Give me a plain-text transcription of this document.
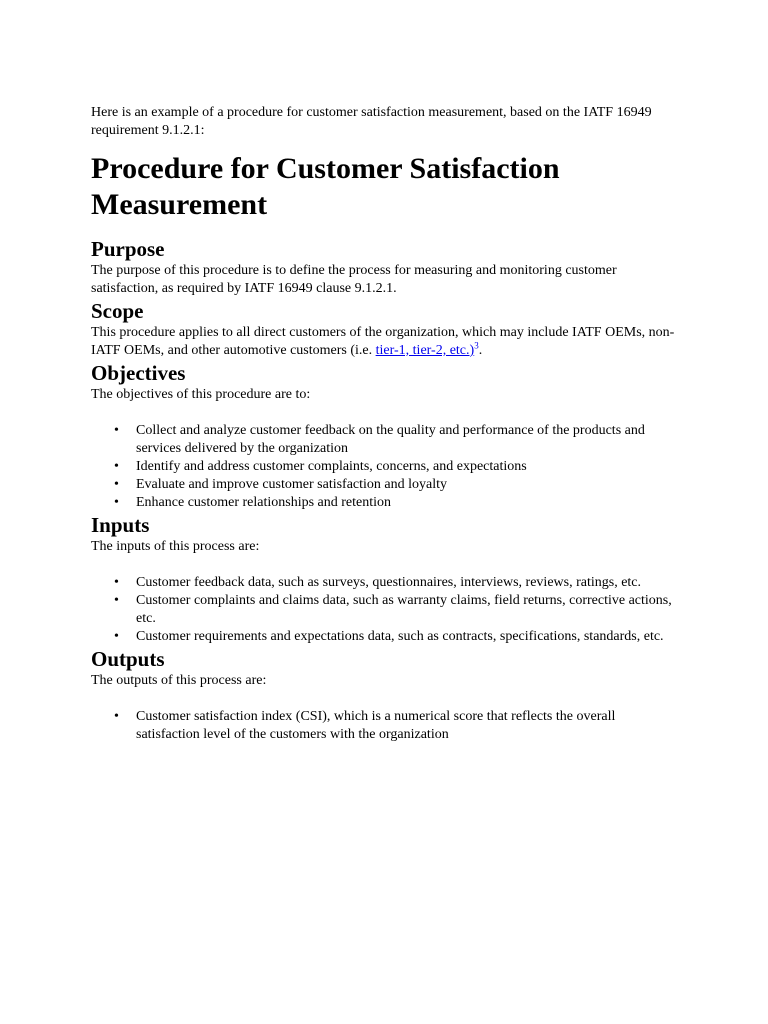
Here is an example of a procedure for customer satisfaction measurement, based on the IATF 16949 requirement 9.1.2.1:

Procedure for Customer Satisfaction Measurement
Purpose

The purpose of this procedure is to define the process for measuring and monitoring customer satisfaction, as required by IATF 16949 clause 9.1.2.1.

Scope

This procedure applies to all direct customers of the organization, which may include IATF OEMs, non-IATF OEMs, and other automotive customers (i.e. tier-1, tier-2, etc.)$^3$.

Objectives

The objectives of this procedure are to:

• Collect and analyze customer feedback on the quality and performance of the products and services delivered by the organization
• Identify and address customer complaints, concerns, and expectations
• Evaluate and improve customer satisfaction and loyalty
• Enhance customer relationships and retention
Inputs

The inputs of this process are:

• Customer feedback data, such as surveys, questionnaires, interviews, reviews, ratings, etc.
• Customer complaints and claims data, such as warranty claims, field returns, corrective actions, etc.
• Customer requirements and expectations data, such as contracts, specifications, standards, etc.
Outputs

The outputs of this process are:

• Customer satisfaction index (CSI), which is a numerical score that reflects the overall satisfaction level of the customers with the organization
